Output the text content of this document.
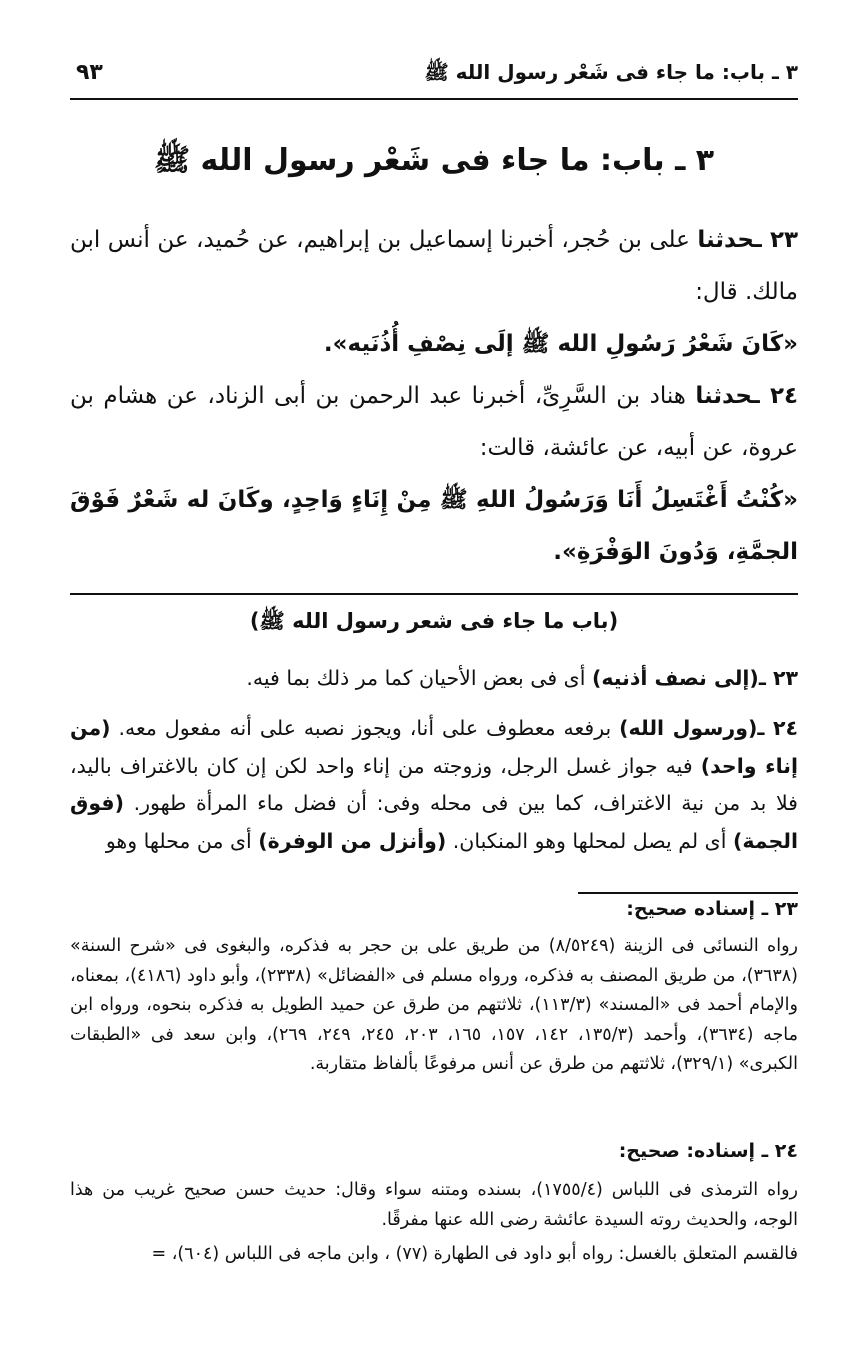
٣ ـ باب: ما جاء فى شَعْر رسول الله ﷺ
٩٣
٣ ـ باب: ما جاء فى شَعْر رسول الله ﷺ

٢٣ ـحدثنا على بن حُجر، أخبرنا إسماعيل بن إبراهيم، عن حُميد، عن أنس ابن مالك. قال:

«كَانَ شَعْرُ رَسُولِ الله ﷺ إلَى نِصْفِ أُذُنَيه».

٢٤ ـحدثنا هناد بن السَّرِىِّ، أخبرنا عبد الرحمن بن أبى الزناد، عن هشام بن عروة، عن أبيه، عن عائشة، قالت:

«كُنْتُ أَغْتَسِلُ أَنَا وَرَسُولُ اللهِ ﷺ مِنْ إِنَاءٍ وَاحِدٍ، وكَانَ له شَعْرٌ فَوْقَ الجمَّةِ، وَدُونَ الوَفْرَةِ».

(باب ما جاء فى شعر رسول الله ﷺ)

٢٣ ـ(إلى نصف أذنيه) أى فى بعض الأحيان كما مر ذلك بما فيه.

٢٤ ـ(ورسول الله) برفعه معطوف على أنا، ويجوز نصبه على أنه مفعول معه. (من إناء واحد) فيه جواز غسل الرجل، وزوجته من إناء واحد لكن إن كان بالاغتراف باليد، فلا بد من نية الاغتراف، كما بين فى محله وفى: أن فضل ماء المرأة طهور. (فوق الجمة) أى لم يصل لمحلها وهو المنكبان. (وأنزل من الوفرة) أى من محلها وهو

٢٣ ـ إسناده صحيح:

رواه النسائى فى الزينة (٨/٥٢٤٩) من طريق على بن حجر به فذكره، والبغوى فى «شرح السنة» (٣٦٣٨)، من طريق المصنف به فذكره، ورواه مسلم فى «الفضائل» (٢٣٣٨)، وأبو داود (٤١٨٦)، بمعناه، والإمام أحمد فى «المسند» (١١٣/٣)، ثلاثتهم من طرق عن حميد الطويل به فذكره بنحوه، ورواه ابن ماجه (٣٦٣٤)، وأحمد (١٣٥/٣، ١٤٢، ١٥٧، ١٦٥، ٢٠٣، ٢٤٥، ٢٤٩، ٢٦٩)، وابن سعد فى «الطبقات الكبرى» (٣٢٩/١)، ثلاثتهم من طرق عن أنس مرفوعًا بألفاظ متقاربة.

٢٤ ـ إسناده: صحيح:

رواه الترمذى فى اللباس (١٧٥٥/٤)، بسنده ومتنه سواء وقال: حديث حسن صحيح غريب من هذا الوجه، والحديث روته السيدة عائشة رضى الله عنها مفرقًا.

فالقسم المتعلق بالغسل: رواه أبو داود فى الطهارة (٧٧) ، وابن ماجه فى اللباس (٦٠٤)، =
